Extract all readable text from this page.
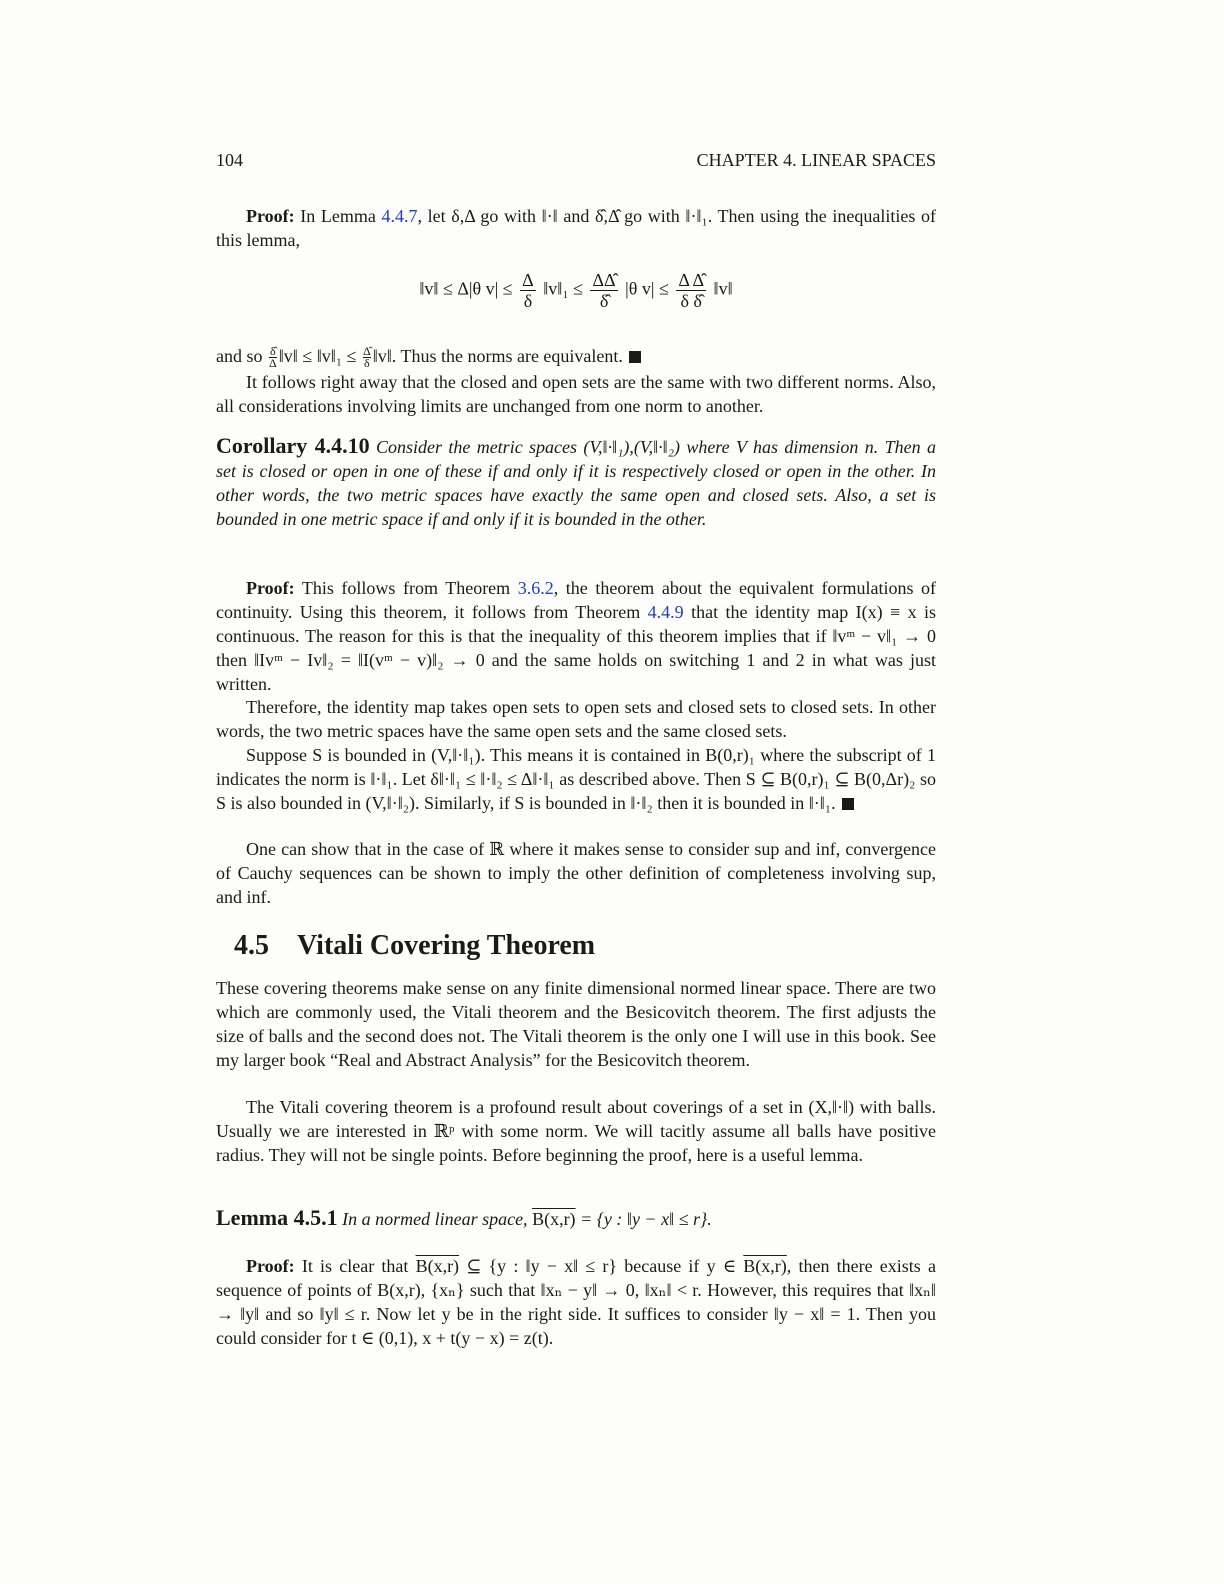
104	CHAPTER 4. LINEAR SPACES
Proof: In Lemma 4.4.7, let δ,Δ go with ‖·‖ and δ̂,Δ̂ go with ‖·‖₁. Then using the inequalities of this lemma,
‖v‖ ≤ Δ|θ $v| \le \frac{\Delta}{\delta}$ ‖v‖₁ ≤ $\frac{\Delta\Deltâ}{\deltâ} |\theta$ $v| \le \frac{\text{Δ Δ̂}}{\text{δ δ̂}}$ ‖v‖
and so $\frac{\deltâ}{\Delta}$ ‖v‖ ≤ ‖v‖₁ ≤ $\frac{\Deltâ}{\delta}$ ‖v‖. Thus the norms are equivalent.
It follows right away that the closed and open sets are the same with two different norms. Also, all considerations involving limits are unchanged from one norm to another.
Corollary 4.4.10 Consider the metric spaces (V,‖·‖₁),(V,‖·‖₂) where V has dimension n. Then a set is closed or open in one of these if and only if it is respectively closed or open in the other. In other words, the two metric spaces have exactly the same open and closed sets. Also, a set is bounded in one metric space if and only if it is bounded in the other.
Proof: This follows from Theorem 3.6.2, the theorem about the equivalent formulations of continuity. Using this theorem, it follows from Theorem 4.4.9 that the identity map I(x) ≡ x is continuous. The reason for this is that the inequality of this theorem implies that if ‖vᵐ − v‖₁ → 0 then ‖Ivᵐ − Iv‖₂ = ‖I(vᵐ − v)‖₂ → 0 and the same holds on switching 1 and 2 in what was just written.
Therefore, the identity map takes open sets to open sets and closed sets to closed sets. In other words, the two metric spaces have the same open sets and the same closed sets.
Suppose S is bounded in (V,‖·‖₁). This means it is contained in B(0,r)₁ where the subscript of 1 indicates the norm is ‖·‖₁. Let δ‖·‖₁ ≤ ‖·‖₂ ≤ Δ‖·‖₁ as described above. Then S ⊆ B(0,r)₁ ⊆ B(0,Δr)₂ so S is also bounded in (V,‖·‖₂). Similarly, if S is bounded in ‖·‖₂ then it is bounded in ‖·‖₁.
One can show that in the case of ℝ where it makes sense to consider sup and inf, convergence of Cauchy sequences can be shown to imply the other definition of completeness involving sup, and inf.
4.5 Vitali Covering Theorem
These covering theorems make sense on any finite dimensional normed linear space. There are two which are commonly used, the Vitali theorem and the Besicovitch theorem. The first adjusts the size of balls and the second does not. The Vitali theorem is the only one I will use in this book. See my larger book “Real and Abstract Analysis” for the Besicovitch theorem.
The Vitali covering theorem is a profound result about coverings of a set in (X,‖·‖) with balls. Usually we are interested in ℝᵖ with some norm. We will tacitly assume all balls have positive radius. They will not be single points. Before beginning the proof, here is a useful lemma.
Lemma 4.5.1 In a normed linear space, B(x,r) = {y : ‖y − x‖ ≤ r}.
Proof: It is clear that B(x,r) ⊆ {y : ‖y − x‖ ≤ r} because if y ∈ B(x,r), then there exists a sequence of points of B(x,r), {xₙ} such that ‖xₙ − y‖ → 0, ‖xₙ‖ < r. However, this requires that ‖xₙ‖ → ‖y‖ and so ‖y‖ ≤ r. Now let y be in the right side. It suffices to consider ‖y − x‖ = 1. Then you could consider for t ∈ (0,1), x + t(y − x) = z(t).
